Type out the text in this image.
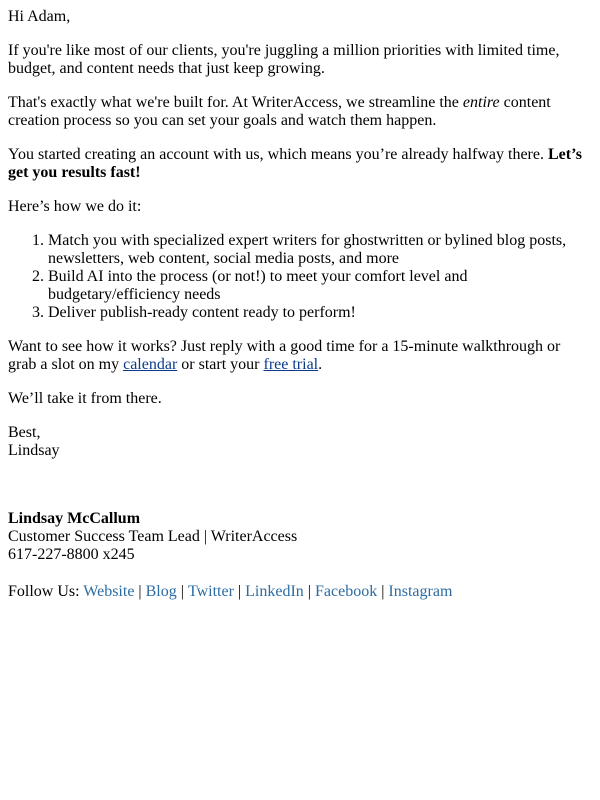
Hi Adam,

If you're like most of our clients, you're juggling a million priorities with limited time, budget, and content needs that just keep growing.

That's exactly what we're built for. At WriterAccess, we streamline the entire content creation process so you can set your goals and watch them happen.

You started creating an account with us, which means you’re already halfway there. Let’s get you results fast!

Here’s how we do it:

1. Match you with specialized expert writers for ghostwritten or bylined blog posts, newsletters, web content, social media posts, and more
2. Build AI into the process (or not!) to meet your comfort level and budgetary/efficiency needs
3. Deliver publish-ready content ready to perform!

Want to see how it works? Just reply with a good time for a 15-minute walkthrough or grab a slot on my calendar or start your free trial.

We’ll take it from there.

Best,
Lindsay

Lindsay McCallum
Customer Success Team Lead | WriterAccess
617-227-8800 x245
Follow Us: Website | Blog | Twitter | LinkedIn | Facebook | Instagram
